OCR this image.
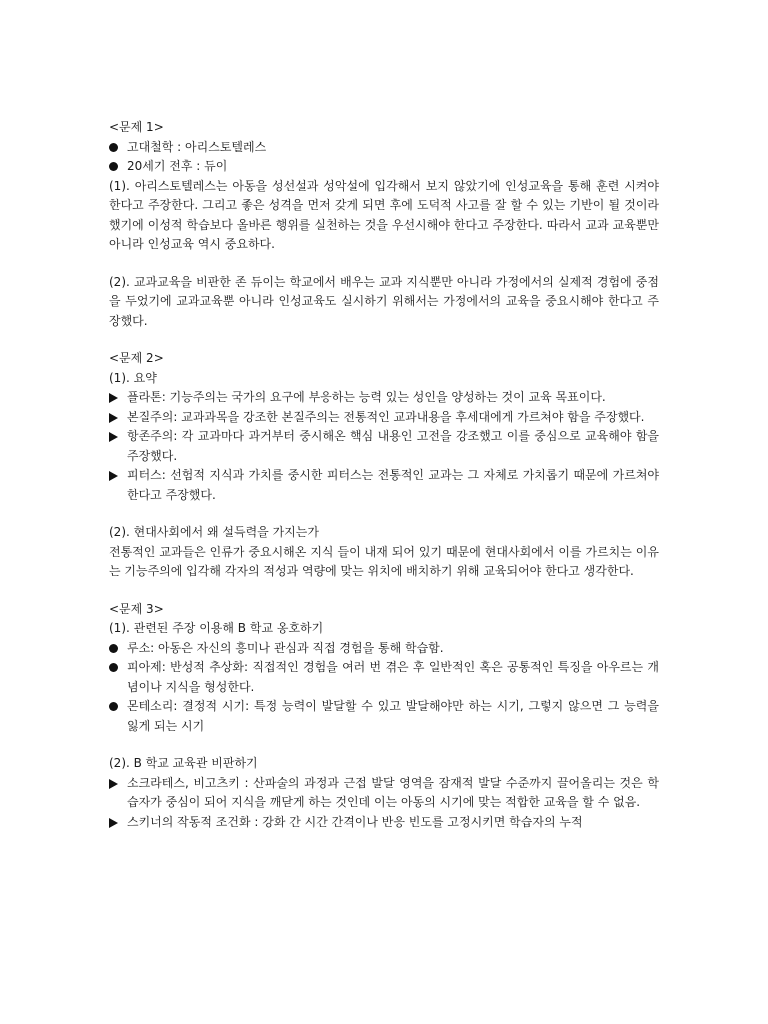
<문제 1>
고대철학 : 아리스토텔레스
20세기 전후 : 듀이

(1). 아리스토텔레스는 아동을 성선설과 성악설에 입각해서 보지 않았기에 인성교육을 통해 훈련 시켜야 한다고 주장한다. 그리고 좋은 성격을 먼저 갖게 되면 후에 도덕적 사고를 잘 할 수 있는 기반이 될 것이라 했기에 이성적 학습보다 올바른 행위를 실천하는 것을 우선시해야 한다고 주장한다. 따라서 교과 교육뿐만 아니라 인성교육 역시 중요하다.

(2). 교과교육을 비판한 존 듀이는 학교에서 배우는 교과 지식뿐만 아니라 가정에서의 실제적 경험에 중점을 두었기에 교과교육뿐 아니라 인성교육도 실시하기 위해서는 가정에서의 교육을 중요시해야 한다고 주장했다.

<문제 2>
(1). 요약
플라톤: 기능주의는 국가의 요구에 부응하는 능력 있는 성인을 양성하는 것이 교육 목표이다.
본질주의: 교과과목을 강조한 본질주의는 전통적인 교과내용을 후세대에게 가르쳐야 함을 주장했다.
항존주의: 각 교과마다 과거부터 중시해온 핵심 내용인 고전을 강조했고 이를 중심으로 교육해야 함을 주장했다.
피터스: 선험적 지식과 가치를 중시한 피터스는 전통적인 교과는 그 자체로 가치롭기 때문에 가르쳐야 한다고 주장했다.
(2). 현대사회에서 왜 설득력을 가지는가

전통적인 교과들은 인류가 중요시해온 지식 들이 내재 되어 있기 때문에 현대사회에서 이를 가르치는 이유는 기능주의에 입각해 각자의 적성과 역량에 맞는 위치에 배치하기 위해 교육되어야 한다고 생각한다.

<문제 3>
(1). 관련된 주장 이용해 B 학교 옹호하기
루소: 아동은 자신의 흥미나 관심과 직접 경험을 통해 학습함.
피아제: 반성적 추상화: 직접적인 경험을 여러 번 겪은 후 일반적인 혹은 공통적인 특징을 아우르는 개념이나 지식을 형성한다.
몬테소리: 결정적 시기: 특정 능력이 발달할 수 있고 발달해야만 하는 시기, 그렇지 않으면 그 능력을 잃게 되는 시기
(2). B 학교 교육관 비판하기
소크라테스, 비고츠키 : 산파술의 과정과 근접 발달 영역을 잠재적 발달 수준까지 끌어올리는 것은 학습자가 중심이 되어 지식을 깨닫게 하는 것인데 이는 아동의 시기에 맞는 적합한 교육을 할 수 없음.
스키너의 작동적 조건화 : 강화 간 시간 간격이나 반응 빈도를 고정시키면 학습자의 누적
